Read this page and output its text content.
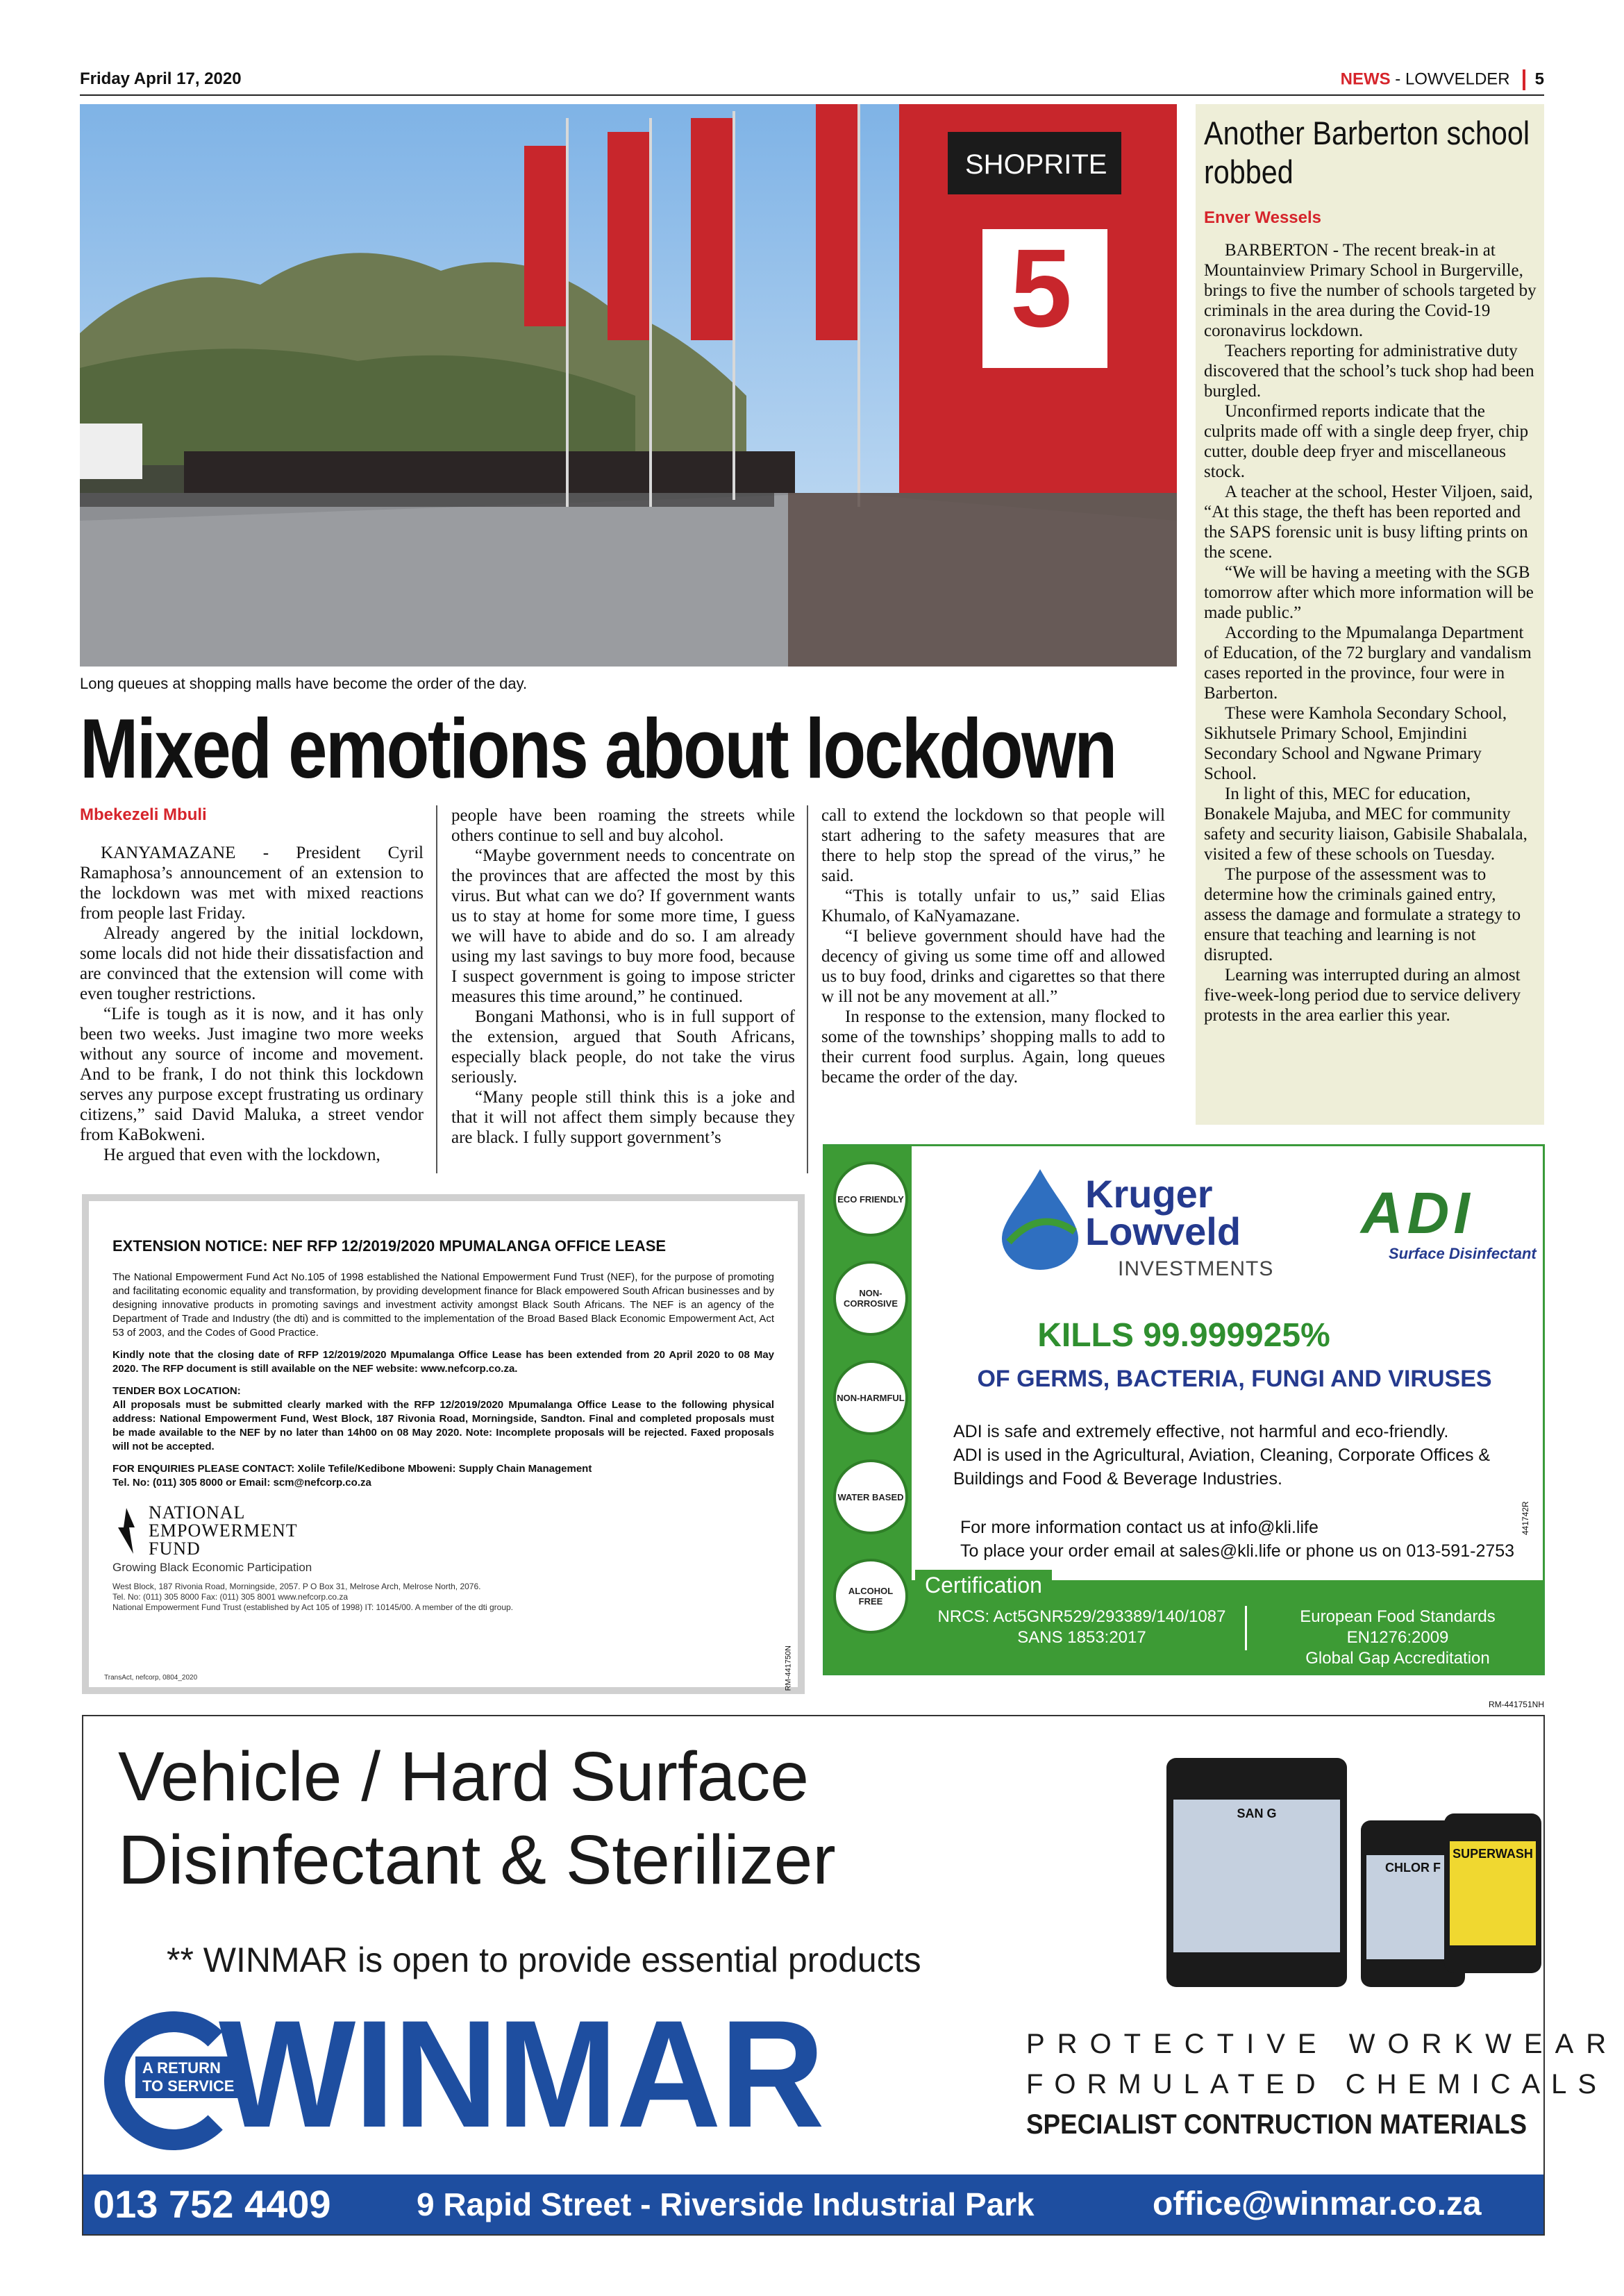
Friday April 17, 2020	NEWS - LOWVELDER 5
SHOPRITE
5
Long queues at shopping malls have become the order of the day.
Mixed emotions about lockdown
Mbekezeli Mbuli

KANYAMAZANE - President Cyril Ramaphosa’s announcement of an extension to the lockdown was met with mixed reactions from people last Friday.

Already angered by the initial lockdown, some locals did not hide their dissatisfaction and are convinced that the extension will come with even tougher restrictions.

“Life is tough as it is now, and it has only been two weeks. Just imagine two more weeks without any source of income and movement. And to be frank, I do not think this lockdown serves any purpose except frustrating us ordinary citizens,” said David Maluka, a street vendor from KaBokweni.

He argued that even with the lockdown,

people have been roaming the streets while others continue to sell and buy alcohol.

“Maybe government needs to concentrate on the provinces that are affected the most by this virus. But what can we do? If government wants us to stay at home for some more time, I guess we will have to abide and do so. I am already using my last savings to buy more food, because I suspect government is going to impose stricter measures this time around,” he continued.

Bongani Mathonsi, who is in full support of the extension, argued that South Africans, especially black people, do not take the virus seriously.

“Many people still think this is a joke and that it will not affect them simply because they are black. I fully support government’s

call to extend the lockdown so that people will start adhering to the safety measures that are there to help stop the spread of the virus,” he said.

“This is totally unfair to us,” said Elias Khumalo, of KaNyamazane.

“I believe government should have had the decency of giving us some time off and allowed us to buy food, drinks and cigarettes so that there w ill not be any movement at all.”

In response to the extension, many flocked to some of the townships’ shopping malls to add to their current food surplus. Again, long queues became the order of the day.

Another Barberton school robbed
Enver Wessels

BARBERTON - The recent break-in at Mountainview Primary School in Burgerville, brings to five the number of schools targeted by criminals in the area during the Covid-19 coronavirus lockdown.

Teachers reporting for administrative duty discovered that the school’s tuck shop had been burgled.

Unconfirmed reports indicate that the culprits made off with a single deep fryer, chip cutter, double deep fryer and miscellaneous stock.

A teacher at the school, Hester Viljoen, said, “At this stage, the theft has been reported and the SAPS forensic unit is busy lifting prints on the scene.

“We will be having a meeting with the SGB tomorrow after which more information will be made public.”

According to the Mpumalanga Department of Education, of the 72 burglary and vandalism cases reported in the province, four were in Barberton.

These were Kamhola Secondary School, Sikhutsele Primary School, Emjindini Secondary School and Ngwane Primary School.

In light of this, MEC for education, Bonakele Majuba, and MEC for community safety and security liaison, Gabisile Shabalala, visited a few of these schools on Tuesday.

The purpose of the assessment was to determine how the criminals gained entry, assess the damage and formulate a strategy to ensure that teaching and learning is not disrupted.

Learning was interrupted during an almost five-week-long period due to service delivery protests in the area earlier this year.

EXTENSION NOTICE: NEF RFP 12/2019/2020 MPUMALANGA OFFICE LEASE

The National Empowerment Fund Act No.105 of 1998 established the National Empowerment Fund Trust (NEF), for the purpose of promoting and facilitating economic equality and transformation, by providing development finance for Black empowered South African businesses and by designing innovative products in promoting savings and investment activity amongst Black South Africans. The NEF is an agency of the Department of Trade and Industry (the dti) and is committed to the implementation of the Broad Based Black Economic Empowerment Act, Act 53 of 2003, and the Codes of Good Practice.

Kindly note that the closing date of RFP 12/2019/2020 Mpumalanga Office Lease has been extended from 20 April 2020 to 08 May 2020. The RFP document is still available on the NEF website: www.nefcorp.co.za.

TENDER BOX LOCATION:

All proposals must be submitted clearly marked with the RFP 12/2019/2020 Mpumalanga Office Lease to the following physical address: National Empowerment Fund, West Block, 187 Rivonia Road, Morningside, Sandton. Final and completed proposals must be made available to the NEF by no later than 14h00 on 08 May 2020. Note: Incomplete proposals will be rejected. Faxed proposals will not be accepted.

FOR ENQUIRIES PLEASE CONTACT: Xolile Tefile/Kedibone Mboweni: Supply Chain Management

Tel. No: (011) 305 8000 or Email: scm@nefcorp.co.za

NATIONAL
EMPOWERMENT
FUND
Growing Black Economic Participation
West Block, 187 Rivonia Road, Morningside, 2057. P O Box 31, Melrose Arch, Melrose North, 2076.
Tel. No: (011) 305 8000 Fax: (011) 305 8001 www.nefcorp.co.za
National Empowerment Fund Trust (established by Act 105 of 1998) IT: 10145/00. A member of the dti group.
RM-441750N
TransAct, nefcorp, 0804_2020
ECO FRIENDLY
NON-CORROSIVE
NON-HARMFUL
WATER BASED
ALCOHOL FREE
Kruger
Lowveld
INVESTMENTS
ADI
Surface Disinfectant
KILLS 99.999925%
OF GERMS, BACTERIA, FUNGI AND VIRUSES
ADI is safe and extremely effective, not harmful and eco-friendly.
ADI is used in the Agricultural, Aviation, Cleaning, Corporate Offices & Buildings and Food & Beverage Industries.
For more information contact us at info@kli.life
To place your order email at sales@kli.life or phone us on 013-591-2753
441742R
Certification
NRCS: Act5GNR529/293389/140/1087
SANS 1853:2017
European Food Standards EN1276:2009
Global Gap Accreditation
RM-441751NH
Vehicle / Hard Surface
Disinfectant & Sterilizer
** WINMAR is open to provide essential products
SAN G
CHLOR F
SUPERWASH
A RETURN TO SERVICE
WINMAR	PROTECTIVE WORKWEAR
FORMULATED CHEMICALS
SPECIALIST CONTRUCTION MATERIALS
013 752 4409	9 Rapid Street - Riverside Industrial Park	office@winmar.co.za
